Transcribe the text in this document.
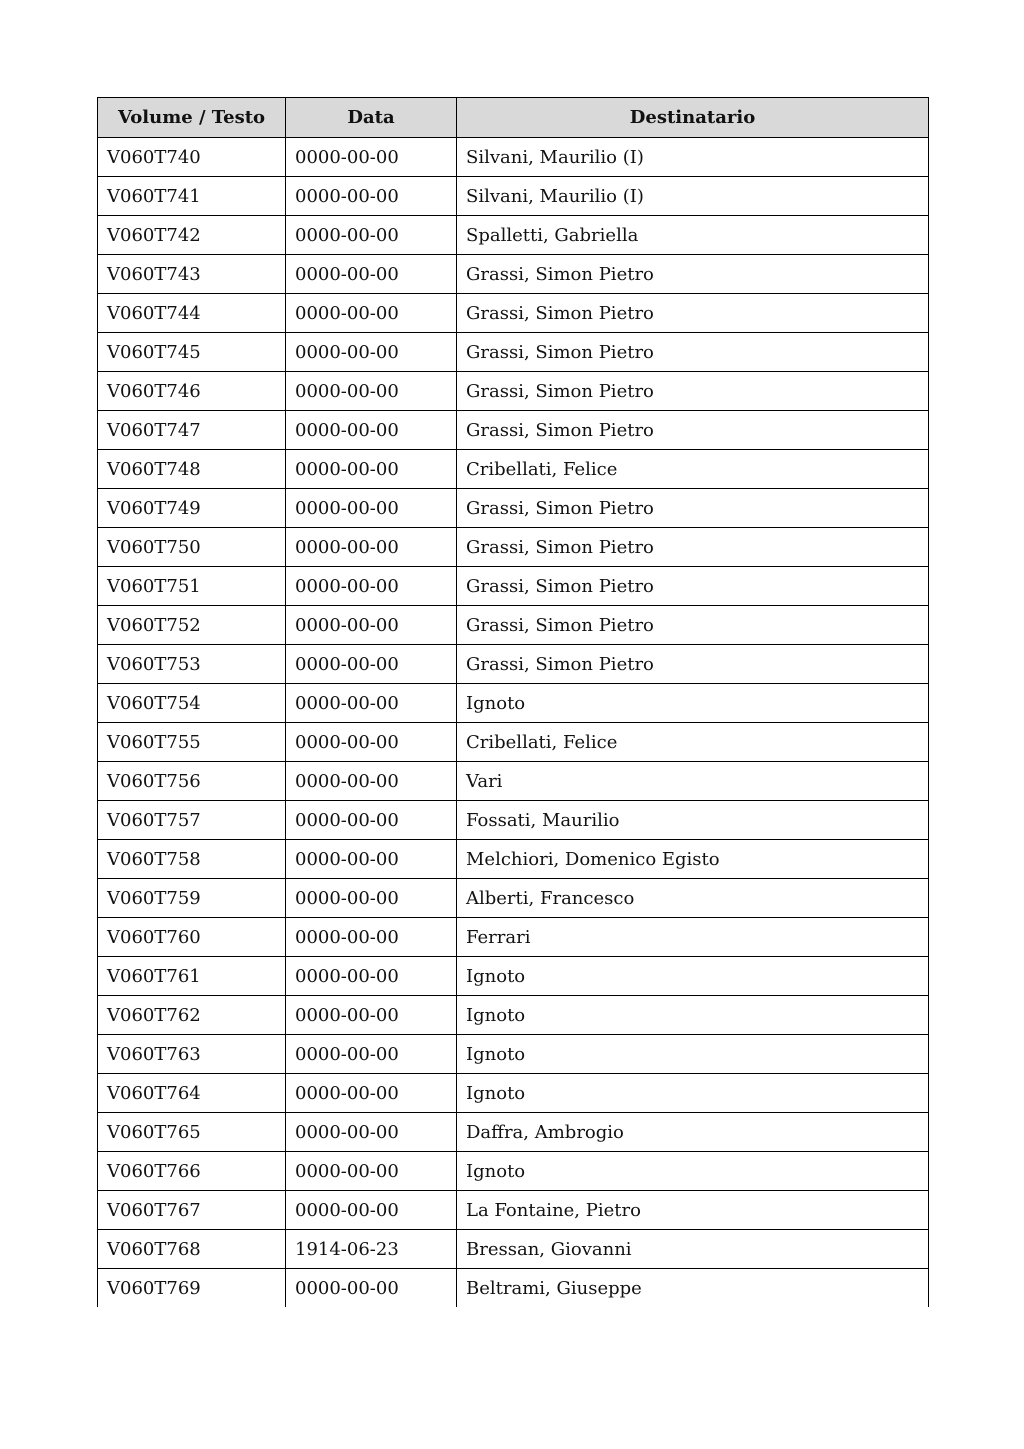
Volume / Testo	Data	Destinatario
V060T740	0000-00-00	Silvani, Maurilio (I)
V060T741	0000-00-00	Silvani, Maurilio (I)
V060T742	0000-00-00	Spalletti, Gabriella
V060T743	0000-00-00	Grassi, Simon Pietro
V060T744	0000-00-00	Grassi, Simon Pietro
V060T745	0000-00-00	Grassi, Simon Pietro
V060T746	0000-00-00	Grassi, Simon Pietro
V060T747	0000-00-00	Grassi, Simon Pietro
V060T748	0000-00-00	Cribellati, Felice
V060T749	0000-00-00	Grassi, Simon Pietro
V060T750	0000-00-00	Grassi, Simon Pietro
V060T751	0000-00-00	Grassi, Simon Pietro
V060T752	0000-00-00	Grassi, Simon Pietro
V060T753	0000-00-00	Grassi, Simon Pietro
V060T754	0000-00-00	Ignoto
V060T755	0000-00-00	Cribellati, Felice
V060T756	0000-00-00	Vari
V060T757	0000-00-00	Fossati, Maurilio
V060T758	0000-00-00	Melchiori, Domenico Egisto
V060T759	0000-00-00	Alberti, Francesco
V060T760	0000-00-00	Ferrari
V060T761	0000-00-00	Ignoto
V060T762	0000-00-00	Ignoto
V060T763	0000-00-00	Ignoto
V060T764	0000-00-00	Ignoto
V060T765	0000-00-00	Daffra, Ambrogio
V060T766	0000-00-00	Ignoto
V060T767	0000-00-00	La Fontaine, Pietro
V060T768	1914-06-23	Bressan, Giovanni
V060T769	0000-00-00	Beltrami, Giuseppe
